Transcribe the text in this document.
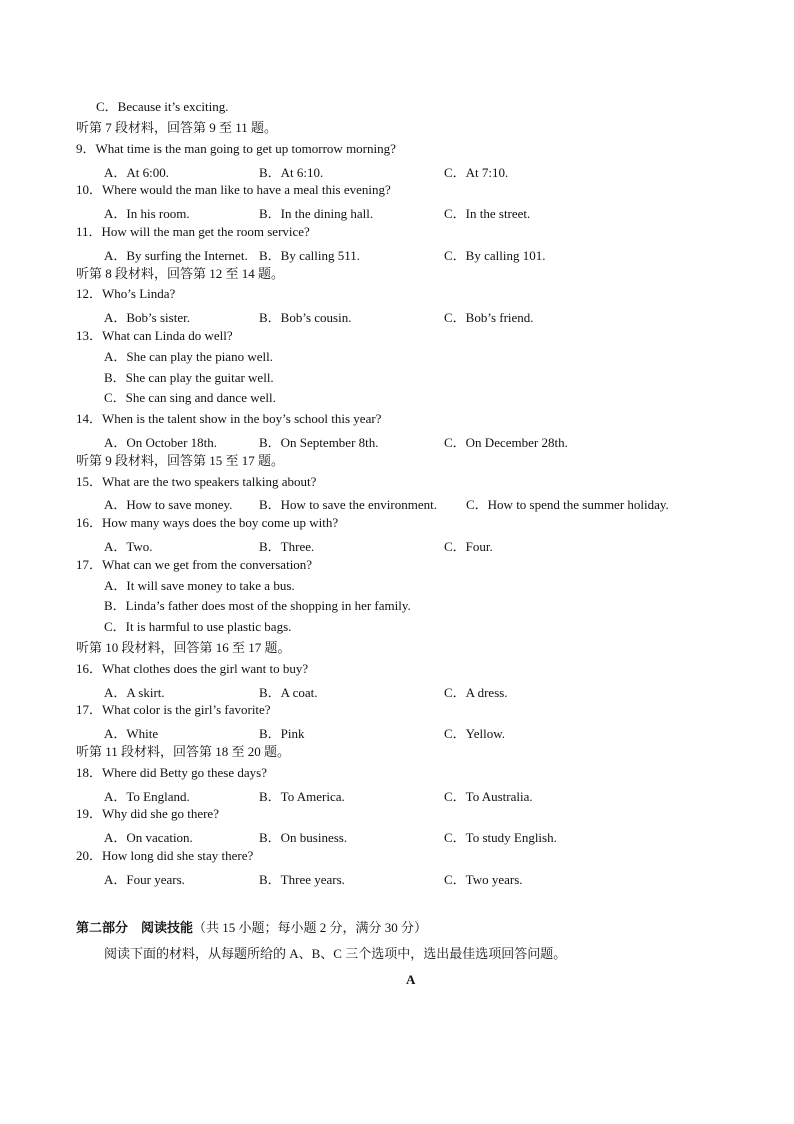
C．Because it’s exciting.
听第 7 段材料，回答第 9 至 11 题。
9．What time is the man going to get up tomorrow morning?
A．At 6:00.	B．At 6:10.	C．At 7:10.
10．Where would the man like to have a meal this evening?
A．In his room.	B．In the dining hall.	C．In the street.
11．How will the man get the room service?
A．By surfing the Internet. B．By calling 511.	C．By calling 101.
听第 8 段材料，回答第 12 至 14 题。
12．Who’s Linda?
A．Bob’s sister.	B．Bob’s cousin.	C．Bob’s friend.
13．What can Linda do well?
A．She can play the piano well.
B．She can play the guitar well.
C．She can sing and dance well.
14．When is the talent show in the boy’s school this year?
A．On October 18th.	B．On September 8th.	C．On December 28th.
听第 9 段材料，回答第 15 至 17 题。
15．What are the two speakers talking about?
A．How to save money. B．How to save the environment. C．How to spend the summer holiday.
16．How many ways does the boy come up with?
A．Two.	B．Three.	C．Four.
17．What can we get from the conversation?
A．It will save money to take a bus.
B．Linda’s father does most of the shopping in her family.
C．It is harmful to use plastic bags.
听第 10 段材料，回答第 16 至 17 题。
16．What clothes does the girl want to buy?
A．A skirt.	B．A coat.	C．A dress.
17．What color is the girl’s favorite?
A．White	B．Pink	C．Yellow.
听第 11 段材料，回答第 18 至 20 题。
18．Where did Betty go these days?
A．To England.	B．To America.	C．To Australia.
19．Why did she go there?
A．On vacation.	B．On business.	C．To study English.
20．How long did she stay there?
A．Four years.	B．Three years.	C．Two years.
第二部分　阅读技能（共 15 小题；每小题 2 分，满分 30 分）
阅读下面的材料，从每题所给的 A、B、C 三个选项中，选出最佳选项回答问题。
A
